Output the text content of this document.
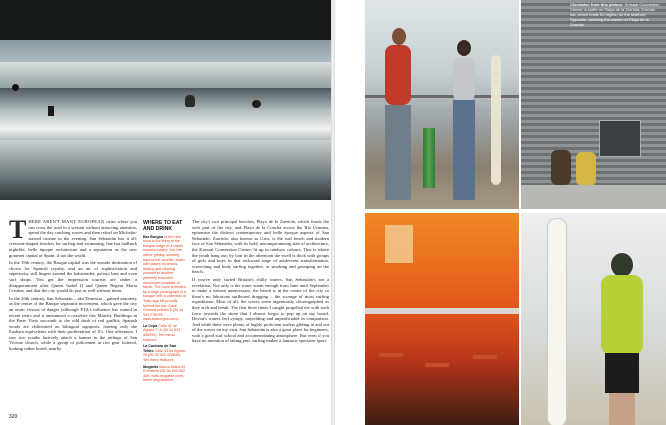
Clockwise from this picture: Kursaal Convention Centre; a surfer on Playa de la Zurriola; Zurriola bar, which hosts DJ nights; on the seafront; Opposite, catching the waves on Playa de la Zurriola

T HERE AREN'T MANY EUROPEAN cities where you can cross the road in a wetsuit without attracting attention, spend the day catching waves and then refuel on Michelin-starred cuisine in the evening. San Sebastián has it all: crescent-shaped beaches for surfing and swimming, late but laidback nightlife, belle époque architecture and a reputation as the new gourmet capital of Spain, if not the world.

In the 19th century, the Basque capital was the seaside destination of choice for Spanish royalty, and an air of sophistication and superiority still lingers around the balustrades, patisso bars and even surf shops. You get the impression tourists are rather a disappointment after Queen Isabel II and Queen Regent Maria Cristina, and that the city would do just as well without them.

In the 20th century, San Sebastián – aka Donostia – gained notoriety as the centre of the Basque separatist movement, which gave the city an erotic frisson of danger (although ETA's influence has waned in recent years and it announced a ceasefire this March). Buildings in the Parte Vieja succumb to the odd daub of red graffiti; Spanish words are obliterated on bilingual signposts, leaving only the Euskara equivalents with their proliferation of X's. One afternoon, I saw two youths furtively attach a banner to the railings of San Vicente church, while a group of policemen in riot gear loitered, looking rather bored, nearby.

WHERE TO EAT AND DRINK
Bar Borgoa In the new town is the tiring at the tianque stage of a rather superior pastry. You feel rather greasy, seeking bars to the counter, laden with plates of pintxos, resting and nibbling yourself to another perfectly executed mushroom omelette or farfall. The room is tended by a huge photograph of a basque with a collection of Tolku age bill proudly behind the bar. Calle General Arteteo 8 (00 34 943 278029; www.barborgoa.com).
La Cepa Calle 31 de Agosto 7–9 (00 34 943 426394). Ten menu features.
La Cuchara de San Telmo Calle 31 de Agosto 28 (00 34 943 420840). Ten menu features.
Mugaritz Aldura Aldea 20, Errenteria (00 34 943 522 455; www.mugaritz.com). Menu degustación.

The city's two principal beaches, Playa de la Zurriola, which fronts the west part of the city, and Playa de la Concha across the Río Urumea, epitomise the distinct contemporary and belle époque aspects of San Sebastián. Zurriola, also known as Gros, is the surf beach and modern face of San Sebastián, with its bold, uncompromising slab of architecture, the Kursaal Convention Centre, lit up in rainbow colours. This is where the youth hang out; by four in the afternoon the swell is thick with groups of girls and boys in that awkward stage of adolescent transformation, screeching and body surfing together, or smoking and gossiping on the beach.

If you've only surfed Britain's chilly waters, San Sebastián's are a revelation. Not only is the water warm enough from June until September to make a wetsuit unnecessary, the beach is in the centre of the city so there's no laborious surfboard dragging – the scourge of most surfing expeditions. Most of all, the waves seem ingeniously choreographed as they arch and break. The first three times I caught propelled me with such force towards the shore that I almost forgot to pop up on my board. Devon's waters feel syrupy, unyielding and unpredictable in comparison. And while there were plenty of highly proficient surfers gliding in and out of the waves on my visit, San Sebastián is also a great place for beginners, with a good surf school and accommodating atmosphere. But even if you have no intention of taking part, surfing makes a fantastic spectator sport.

320
